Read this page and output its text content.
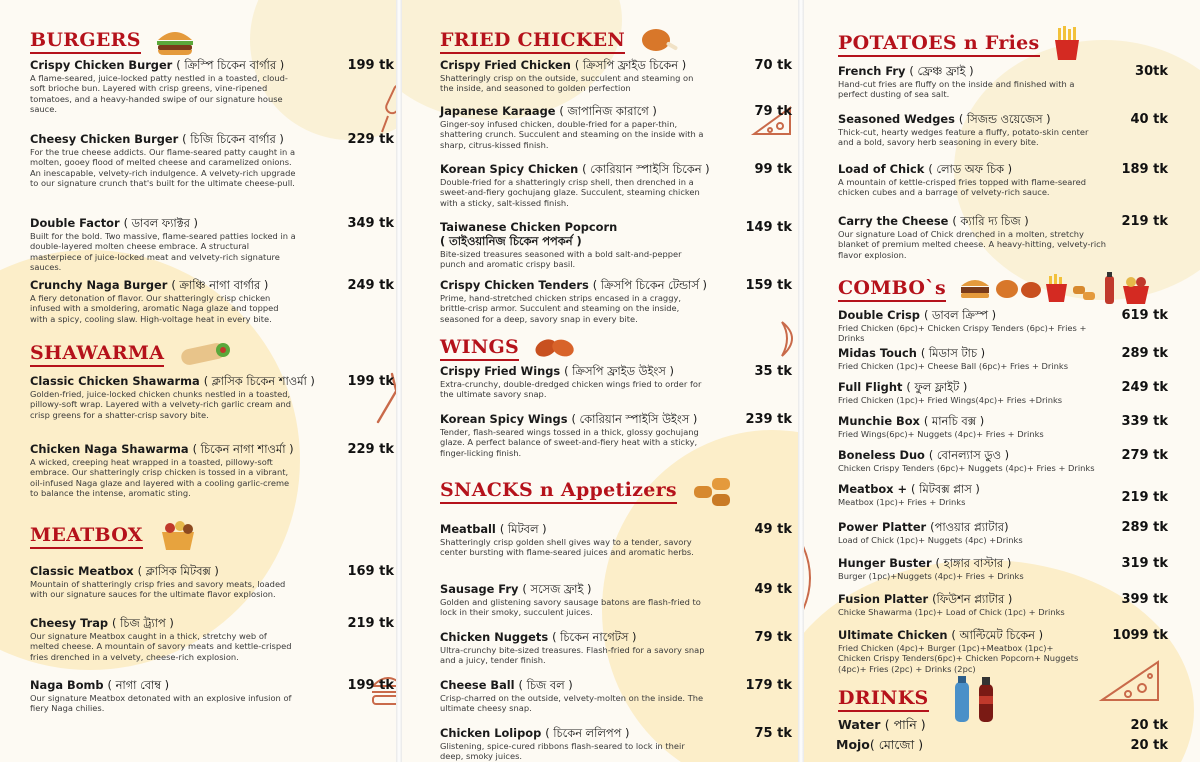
BURGERS
Crispy Chicken Burger ( ক্রিস্পি চিকেন বার্গার )
A flame-seared, juice-locked patty nestled in a toasted, cloud-soft brioche bun. Layered with crisp greens, vine-ripened tomatoes, and a heavy-handed swipe of our signature house sauce.
199 tk
Cheesy Chicken Burger ( চিজি চিকেন বার্গার )
For the true cheese addicts. Our flame-seared patty caught in a molten, gooey flood of melted cheese and caramelized onions. An inescapable, velvety-rich indulgence. A velvety-rich upgrade to our signature crunch that's built for the ultimate cheese-pull.
229 tk
Double Factor ( ডাবল ফ্যাক্টর )
Built for the bold. Two massive, flame-seared patties locked in a double-layered molten cheese embrace. A structural masterpiece of juice-locked meat and velvety-rich signature sauces.
349 tk
Crunchy Naga Burger ( ক্রাঞ্চি নাগা বার্গার )
A fiery detonation of flavor. Our shatteringly crisp chicken infused with a smoldering, aromatic Naga glaze and topped with a spicy, cooling slaw. High-voltage heat in every bite.
249 tk
SHAWARMA
Classic Chicken Shawarma ( ক্লাসিক চিকেন শাওর্মা )
Golden-fried, juice-locked chicken chunks nestled in a toasted, pillowy-soft wrap. Layered with a velvety-rich garlic cream and crisp greens for a shatter-crisp savory bite.
199 tk
Chicken Naga Shawarma ( চিকেন নাগা শাওর্মা )
A wicked, creeping heat wrapped in a toasted, pillowy-soft embrace. Our shatteringly crisp chicken is tossed in a vibrant, oil-infused Naga glaze and layered with a cooling garlic-creme to balance the intense, aromatic sting.
229 tk
MEATBOX
Classic Meatbox ( ক্লাসিক মিটবক্স )
Mountain of shatteringly crisp fries and savory meats, loaded with our signature sauces for the ultimate flavor explosion.
169 tk
Cheesy Trap ( চিজ ট্র্যাপ )
Our signature Meatbox caught in a thick, stretchy web of melted cheese. A mountain of savory meats and kettle-crisped fries drenched in a velvety, cheese-rich explosion.
219 tk
Naga Bomb ( নাগা বোম্ব )
Our signature Meatbox detonated with an explosive infusion of fiery Naga chilies.
199 tk
FRIED CHICKEN
Crispy Fried Chicken ( ক্রিসপি ফ্রাইড চিকেন )
Shatteringly crisp on the outside, succulent and steaming on the inside, and seasoned to golden perfection
70 tk
Japanese Karaage ( জাপানিজ কারাগে )
Ginger-soy infused chicken, double-fried for a paper-thin, shattering crunch. Succulent and steaming on the inside with a sharp, citrus-kissed finish.
79 tk
Korean Spicy Chicken ( কোরিয়ান স্পাইসি চিকেন )
Double-fried for a shatteringly crisp shell, then drenched in a sweet-and-fiery gochujang glaze. Succulent, steaming chicken with a sticky, salt-kissed finish.
99 tk
Taiwanese Chicken Popcorn
( তাইওয়ানিজ চিকেন পপকর্ন )
Bite-sized treasures seasoned with a bold salt-and-pepper punch and aromatic crispy basil.
149 tk
Crispy Chicken Tenders ( ক্রিসপি চিকেন টেন্ডার্স )
Prime, hand-stretched chicken strips encased in a craggy, brittle-crisp armor. Succulent and steaming on the inside, seasoned for a deep, savory snap in every bite.
159 tk
WINGS
Crispy Fried Wings ( ক্রিসপি ফ্রাইড উইংস )
Extra-crunchy, double-dredged chicken wings fried to order for the ultimate savory snap.
35 tk
Korean Spicy Wings ( কোরিয়ান স্পাইসি উইংস )
Tender, flash-seared wings tossed in a thick, glossy gochujang glaze. A perfect balance of sweet-and-fiery heat with a sticky, finger-licking finish.
239 tk
SNACKS n Appetizers
Meatball ( মিটবল )
Shatteringly crisp golden shell gives way to a tender, savory center bursting with flame-seared juices and aromatic herbs.
49 tk
Sausage Fry ( সসেজ ফ্রাই )
Golden and glistening savory sausage batons are flash-fried to lock in their smoky, succulent juices.
49 tk
Chicken Nuggets ( চিকেন নাগেটস )
Ultra-crunchy bite-sized treasures. Flash-fried for a savory snap and a juicy, tender finish.
79 tk
Cheese Ball ( চিজ বল )
Crisp-charred on the outside, velvety-molten on the inside. The ultimate cheesy snap.
179 tk
Chicken Lolipop ( চিকেন ললিপপ )
Glistening, spice-cured ribbons flash-seared to lock in their deep, smoky juices.
75 tk
POTATOES n Fries
French Fry ( ফ্রেঞ্চ ফ্রাই )
Hand-cut fries are fluffy on the inside and finished with a perfect dusting of sea salt.
30tk
Seasoned Wedges ( সিজন্ড ওয়েজেস )
Thick-cut, hearty wedges feature a fluffy, potato-skin center and a bold, savory herb seasoning in every bite.
40 tk
Load of Chick ( লোড অফ চিক )
A mountain of kettle-crisped fries topped with flame-seared chicken cubes and a barrage of velvety-rich sauce.
189 tk
Carry the Cheese ( ক্যারি দ্য চিজ )
Our signature Load of Chick drenched in a molten, stretchy blanket of premium melted cheese. A heavy-hitting, velvety-rich flavor explosion.
219 tk
COMBO`s
Double Crisp ( ডাবল ক্রিস্প )
Fried Chicken (6pc)+ Chicken Crispy Tenders (6pc)+ Fries + Drinks
619 tk
Midas Touch ( মিডাস টাচ )
Fried Chicken (1pc)+ Cheese Ball (6pc)+ Fries + Drinks
289 tk
Full Flight ( ফুল ফ্লাইট )
Fried Chicken (1pc)+ Fried Wings(4pc)+ Fries +Drinks
249 tk
Munchie Box ( মানচি বক্স )
Fried Wings(6pc)+ Nuggets (4pc)+ Fries + Drinks
339 tk
Boneless Duo ( বোনল্যাস ডুও )
Chicken Crispy Tenders (6pc)+ Nuggets (4pc)+ Fries + Drinks
279 tk
Meatbox + ( মিটবক্স প্লাস )
Meatbox (1pc)+ Fries + Drinks	219 tk
Power Platter (পাওয়ার প্ল্যাটার)
Load of Chick (1pc)+ Nuggets (4pc) +Drinks
289 tk
Hunger Buster ( হাঙ্গার বাস্টার )
Burger (1pc)+Nuggets (4pc)+ Fries + Drinks
319 tk
Fusion Platter (ফিউশন প্ল্যাটার )
Chicke Shawarma (1pc)+ Load of Chick (1pc) + Drinks
399 tk
Ultimate Chicken ( আল্টিমেট চিকেন )
Fried Chicken (4pc)+ Burger (1pc)+Meatbox (1pc)+ Chicken Crispy Tenders(6pc)+ Chicken Popcorn+ Nuggets (4pc)+ Fries (2pc) + Drinks (2pc)
1099 tk
DRINKS
Water ( পানি )	20 tk
Mojo( মোজো )	20 tk
